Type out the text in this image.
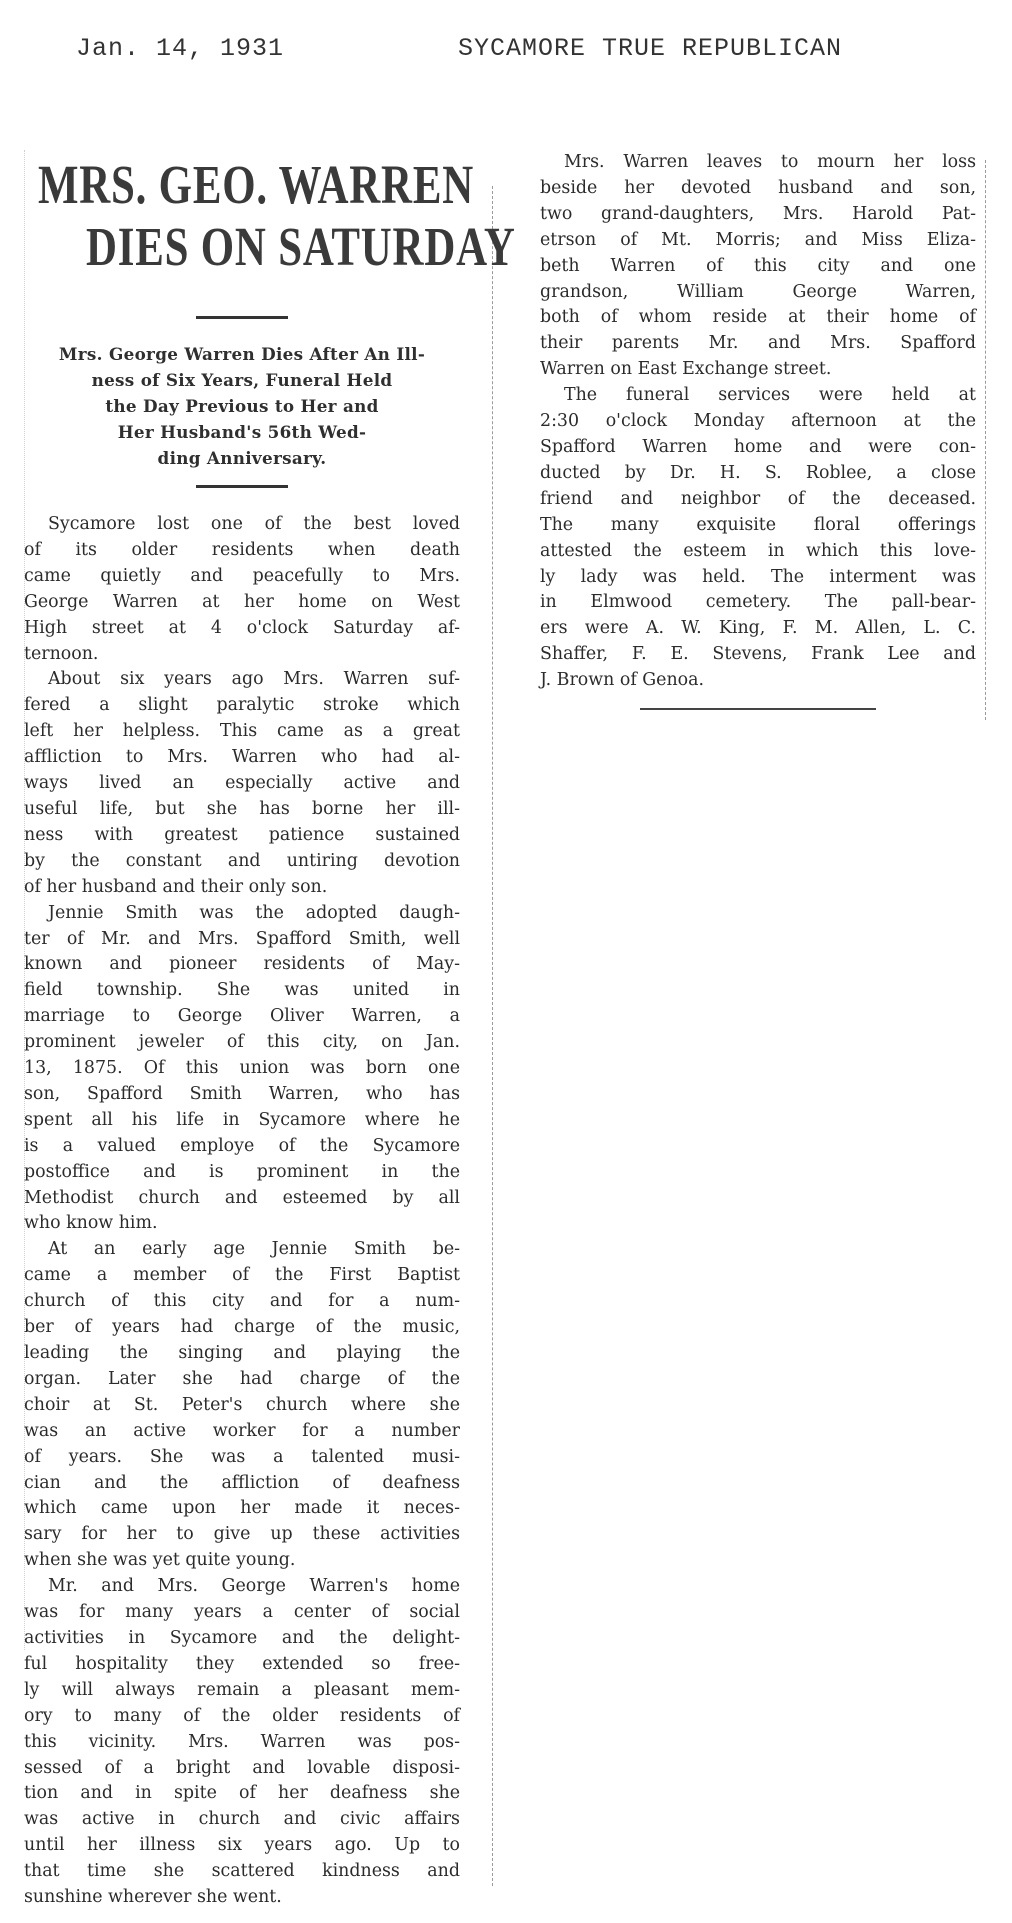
Jan. 14, 1931	SYCAMORE TRUE REPUBLICAN
MRS. GEO. WARREN
DIES ON SATURDAY
Mrs. George Warren Dies After An Ill-
ness of Six Years, Funeral Held
the Day Previous to Her and
Her Husband's 56th Wed-
ding Anniversary.

Sycamore lost one of the best loved
of its older residents when death
came quietly and peacefully to Mrs.
George Warren at her home on West
High street at 4 o'clock Saturday af-
ternoon.

About six years ago Mrs. Warren suf-
fered a slight paralytic stroke which
left her helpless. This came as a great
affliction to Mrs. Warren who had al-
ways lived an especially active and
useful life, but she has borne her ill-
ness with greatest patience sustained
by the constant and untiring devotion
of her husband and their only son.

Jennie Smith was the adopted daugh-
ter of Mr. and Mrs. Spafford Smith, well
known and pioneer residents of May-
field township. She was united in
marriage to George Oliver Warren, a
prominent jeweler of this city, on Jan.
13, 1875. Of this union was born one
son, Spafford Smith Warren, who has
spent all his life in Sycamore where he
is a valued employe of the Sycamore
postoffice and is prominent in the
Methodist church and esteemed by all
who know him.

At an early age Jennie Smith be-
came a member of the First Baptist
church of this city and for a num-
ber of years had charge of the music,
leading the singing and playing the
organ. Later she had charge of the
choir at St. Peter's church where she
was an active worker for a number
of years. She was a talented musi-
cian and the affliction of deafness
which came upon her made it neces-
sary for her to give up these activities
when she was yet quite young.

Mr. and Mrs. George Warren's home
was for many years a center of social
activities in Sycamore and the delight-
ful hospitality they extended so free-
ly will always remain a pleasant mem-
ory to many of the older residents of
this vicinity. Mrs. Warren was pos-
sessed of a bright and lovable disposi-
tion and in spite of her deafness she
was active in church and civic affairs
until her illness six years ago. Up to
that time she scattered kindness and
sunshine wherever she went.

Mrs. Warren leaves to mourn her loss
beside her devoted husband and son,
two grand-daughters, Mrs. Harold Pat-
etrson of Mt. Morris; and Miss Eliza-
beth Warren of this city and one
grandson, William George Warren,
both of whom reside at their home of
their parents Mr. and Mrs. Spafford
Warren on East Exchange street.

The funeral services were held at
2:30 o'clock Monday afternoon at the
Spafford Warren home and were con-
ducted by Dr. H. S. Roblee, a close
friend and neighbor of the deceased.
The many exquisite floral offerings
attested the esteem in which this love-
ly lady was held. The interment was
in Elmwood cemetery. The pall-bear-
ers were A. W. King, F. M. Allen, L. C.
Shaffer, F. E. Stevens, Frank Lee and
J. Brown of Genoa.
